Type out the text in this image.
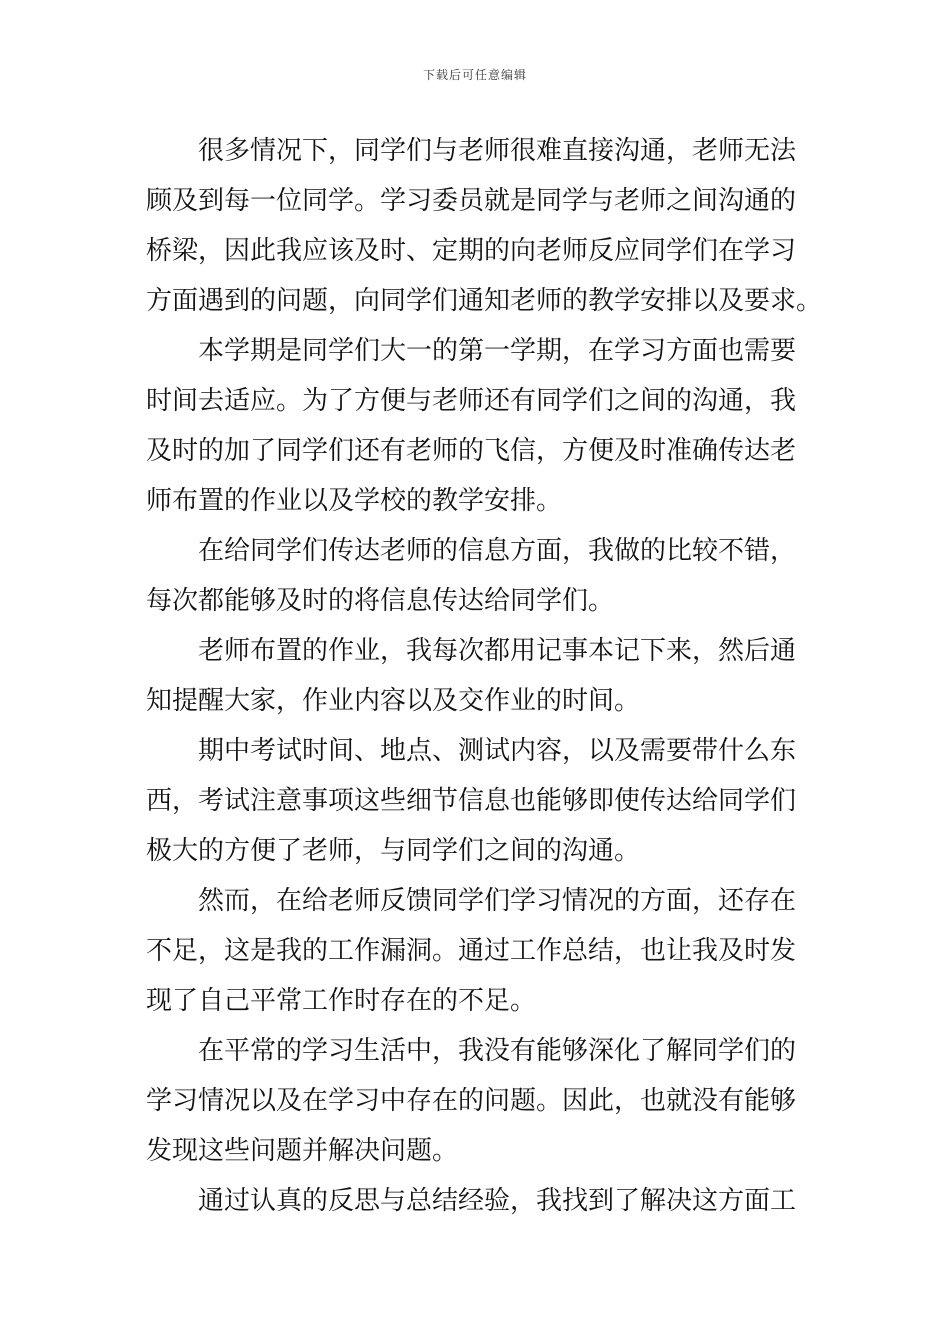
下载后可任意编辑
很多情况下，同学们与老师很难直接沟通，老师无法
顾及到每一位同学。学习委员就是同学与老师之间沟通的
桥梁，因此我应该及时、定期的向老师反应同学们在学习
方面遇到的问题，向同学们通知老师的教学安排以及要求。
本学期是同学们大一的第一学期，在学习方面也需要
时间去适应。为了方便与老师还有同学们之间的沟通，我
及时的加了同学们还有老师的飞信，方便及时准确传达老
师布置的作业以及学校的教学安排。
在给同学们传达老师的信息方面，我做的比较不错，
每次都能够及时的将信息传达给同学们。
老师布置的作业，我每次都用记事本记下来，然后通
知提醒大家，作业内容以及交作业的时间。
期中考试时间、地点、测试内容，以及需要带什么东
西，考试注意事项这些细节信息也能够即使传达给同学们
极大的方便了老师，与同学们之间的沟通。
然而，在给老师反馈同学们学习情况的方面，还存在
不足，这是我的工作漏洞。通过工作总结，也让我及时发
现了自己平常工作时存在的不足。
在平常的学习生活中，我没有能够深化了解同学们的
学习情况以及在学习中存在的问题。因此，也就没有能够
发现这些问题并解决问题。
通过认真的反思与总结经验，我找到了解决这方面工
